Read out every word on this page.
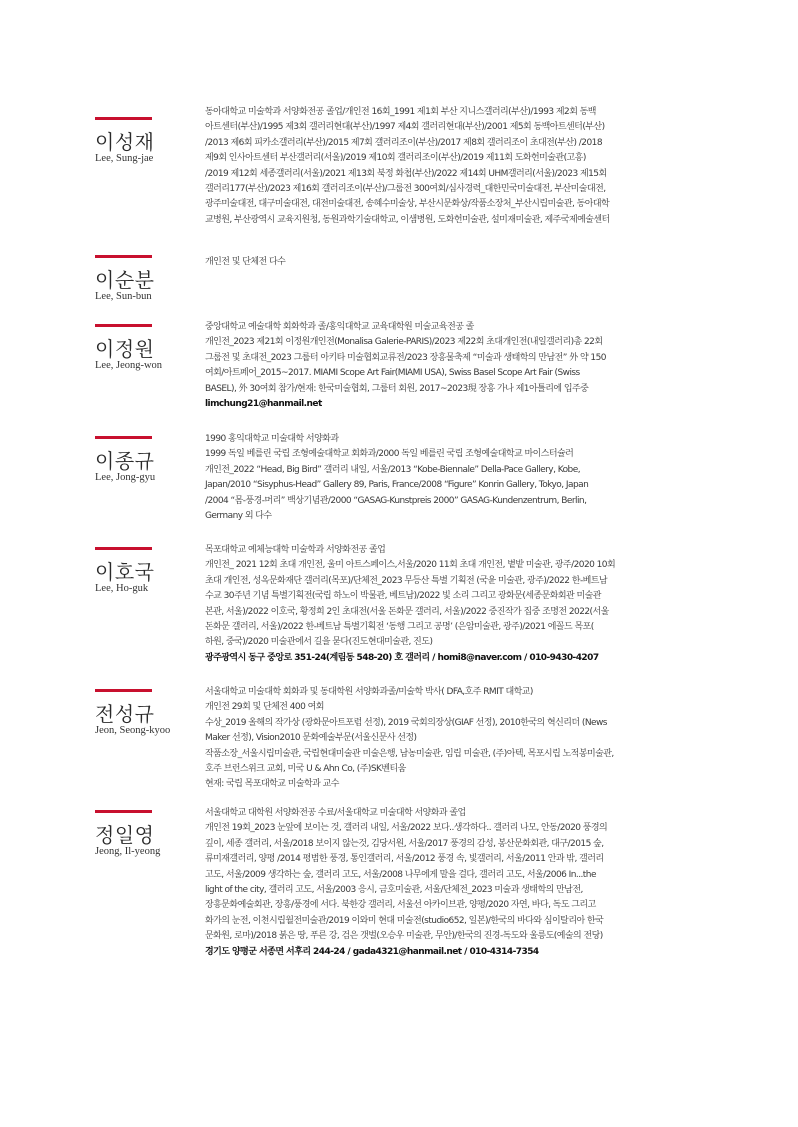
이성재
Lee, Sung-jae
동아대학교 미술학과 서양화전공 졸업/개인전 16회_1991 제1회 부산 지니스갤러리(부산)/1993 제2회 동백
아트센터(부산)/1995 제3회 갤러리현대(부산)/1997 제4회 갤러리현대(부산)/2001 제5회 동백아트센터(부산)
/2013 제6회 피카소갤러리(부산)/2015 제7회 갤러리조이(부산)/2017 제8회 갤러리조이 초대전(부산) /2018
제9회 인사아트센터 부산갤러리(서울)/2019 제10회 갤러리조이(부산)/2019 제11회 도화헌미술관(고흥)
/2019 제12회 세종갤러리(서울)/2021 제13회 북정 화첩(부산)/2022 제14회 UHM갤러리(서울)/2023 제15회
갤러리177(부산)/2023 제16회 갤러리조이(부산)/그룹전 300여회/심사경력_대한민국미술대전, 부산미술대전,
광주미술대전, 대구미술대전, 대전미술대전, 송혜수미술상, 부산시문화상/작품소장처_부산시립미술관, 동아대학
교병원, 부산광역시 교육지원청, 동원과학기술대학교, 이샘병원, 도화헌미술관, 설미재미술관, 제주국제예술센터
이순분
Lee, Sun-bun
개인전 및 단체전 다수
이정원
Lee, Jeong-won
중앙대학교 예술대학 회화학과 졸/홍익대학교 교육대학원 미술교육전공 졸
개인전_2023 제21회 이정원개인전(Monalisa Galerie-PARIS)/2023 제22회 초대개인전(내일갤러리)총 22회
그룹전 및 초대전_2023 그룹터 아키타 미술협회교류전/2023 장흥물축제 “미술과 생태학의 만남전” 外 약 150
여회/아트페어_2015~2017. MIAMI Scope Art Fair(MIAMI USA), Swiss Basel Scope Art Fair (Swiss
BASEL), 外 30여회 참가/현재: 한국미술협회, 그룹터 회원, 2017~2023現 장흥 가나 제1아틀리에 입주중
limchung21@hanmail.net
이종규
Lee, Jong-gyu
1990 홍익대학교 미술대학 서양화과
1999 독일 베를린 국립 조형예술대학교 회화과/2000 독일 베를린 국립 조형예술대학교 마이스터슐러
개인전_2022 “Head, Big Bird” 갤러리 내일, 서울/2013 “Kobe-Biennale” Della-Pace Gallery, Kobe,
Japan/2010 “Sisyphus-Head” Gallery 89, Paris, France/2008 “Figure” Konrin Gallery, Tokyo, Japan
/2004 “몸-풍경-머리” 백상기념관/2000 “GASAG-Kunstpreis 2000” GASAG-Kundenzentrum, Berlin,
Germany 외 다수
이호국
Lee, Ho-guk
목포대학교 예체능대학 미술학과 서양화전공 졸업
개인전_ 2021 12회 초대 개인전, 울미 아트스페이스,서울/2020 11회 초대 개인전, 볕밭 미술관, 광주/2020 10회
초대 개인전, 성옥문화재단 갤러리(목포)/단체전_2023 무등산 특별 기획전 (국윤 미술관, 광주)/2022 한-베트남
수교 30주년 기념 특별기획전(국립 하노이 박물관, 베트남)/2022 빛 소리 그리고 광화문(세종문화회관 미술관
본관, 서울)/2022 이호국, 황정희 2인 초대전(서울 돈화문 갤러리, 서울)/2022 중진작가 집중 조명전 2022(서울
돈화문 갤러리, 서울)/2022 한-베트남 특별기획전 ‘동행 그리고 공명’ (은암미술관, 광주)/2021 에꼴드 목포(
하원, 중국)/2020 미술관에서 길을 묻다(진도현대미술관, 진도)
광주광역시 동구 중앙로 351-24(계림동 548-20) 호 갤러리 / homi8@naver.com / 010-9430-4207
전성규
Jeon, Seong-kyoo
서울대학교 미술대학 회화과 및 동대학원 서양화과졸/미술학 박사( DFA,호주 RMIT 대학교)
개인전 29회 및 단체전 400 여회
수상_2019 올해의 작가상 (광화문아트포럼 선정), 2019 국회의장상(GIAF 선정), 2010한국의 혁신리더 (News
Maker 선정), Vision2010 문화예술부문(서울신문사 선정)
작품소장_서울시립미술관, 국립현대미술관 미술은행, 남농미술관, 임립 미술관, (주)아텍, 목포시립 노적봉미술관,
호주 브런스위크 교회, 미국 U & Ahn Co, (주)SK벤티움
현재: 국립 목포대학교 미술학과 교수
정일영
Jeong, Il-yeong
서울대학교 대학원 서양화전공 수료/서울대학교 미술대학 서양화과 졸업
개인전 19회_2023 눈앞에 보이는 것, 갤러리 내일, 서울/2022 보다..생각하다.. 갤러리 나모, 안동/2020 풍경의
깊이, 세종 갤러리, 서울/2018 보이지 않는것, 김당서원, 서울/2017 풍경의 감성, 봉산문화회관, 대구/2015 숲,
류미재갤러리, 양평 /2014 평범한 풍경, 통인갤러리, 서울/2012 풍경 속, 빛갤러리, 서울/2011 안과 밖, 갤러리
고도, 서울/2009 생각하는 숲, 갤러리 고도, 서울/2008 나무에게 말을 걸다, 갤러리 고도, 서울/2006 In...the
light of the city, 갤러리 고도, 서울/2003 응시, 금호미술관, 서울/단체전_2023 미술과 생태학의 만남전,
장흥문화예술회관, 장흥/풍경에 서다. 북한강 갤러리, 서울선 아카이브관, 양평/2020 자연, 바다, 독도 그리고
화가의 눈전, 이천시립월전미술관/2019 이와미 현대 미술전(studio652, 일본)/한국의 바다와 심이탈리아 한국
문화원, 로마)/2018 붉은 땅, 푸른 강, 검은 갯벌(오승우 미술관, 무안)/한국의 진경-독도와 울릉도(예술의 전당)
경기도 양평군 서종면 서후리 244-24 / gada4321@hanmail.net / 010-4314-7354
